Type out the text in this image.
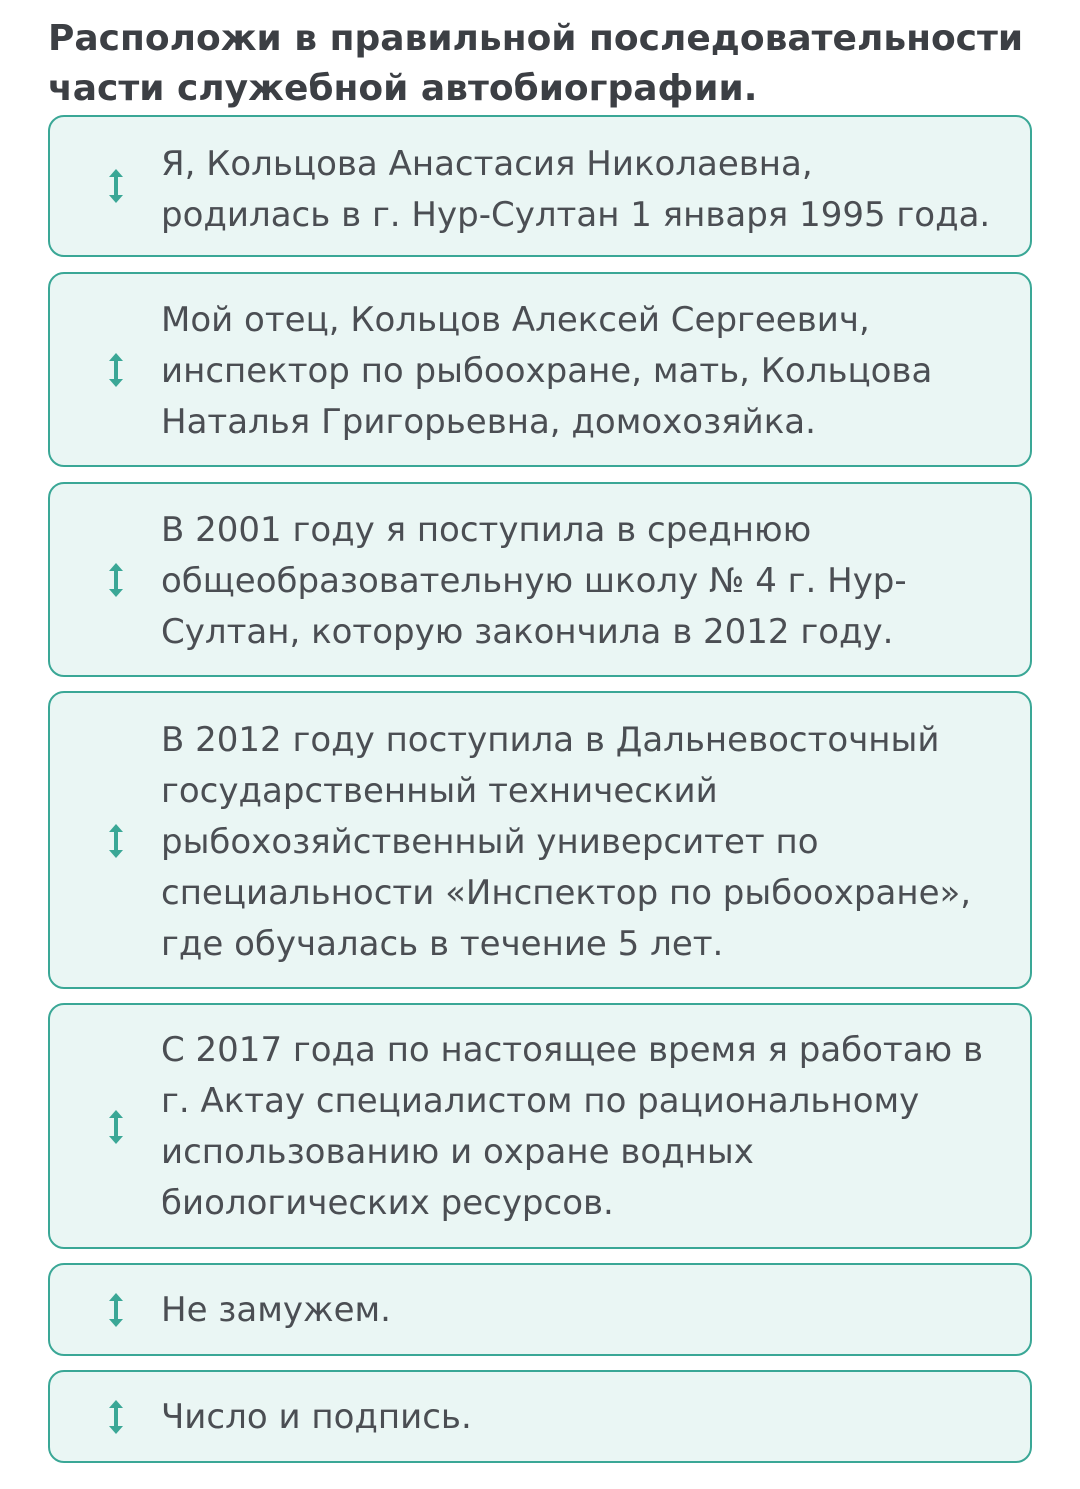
Расположи в правильной последовательности части служебной автобиографии.
Я, Кольцова Анастасия Николаевна,
родилась в г. Нур-Султан 1 января 1995 года.
Мой отец, Кольцов Алексей Сергеевич,
инспектор по рыбоохране, мать, Кольцова
Наталья Григорьевна, домохозяйка.
В 2001 году я поступила в среднюю
общеобразовательную школу № 4 г. Нур-
Султан, которую закончила в 2012 году.
В 2012 году поступила в Дальневосточный
государственный технический
рыбохозяйственный университет по
специальности «Инспектор по рыбоохране»,
где обучалась в течение 5 лет.
С 2017 года по настоящее время я работаю в
г. Актау специалистом по рациональному
использованию и охране водных
биологических ресурсов.
Не замужем.
Число и подпись.
